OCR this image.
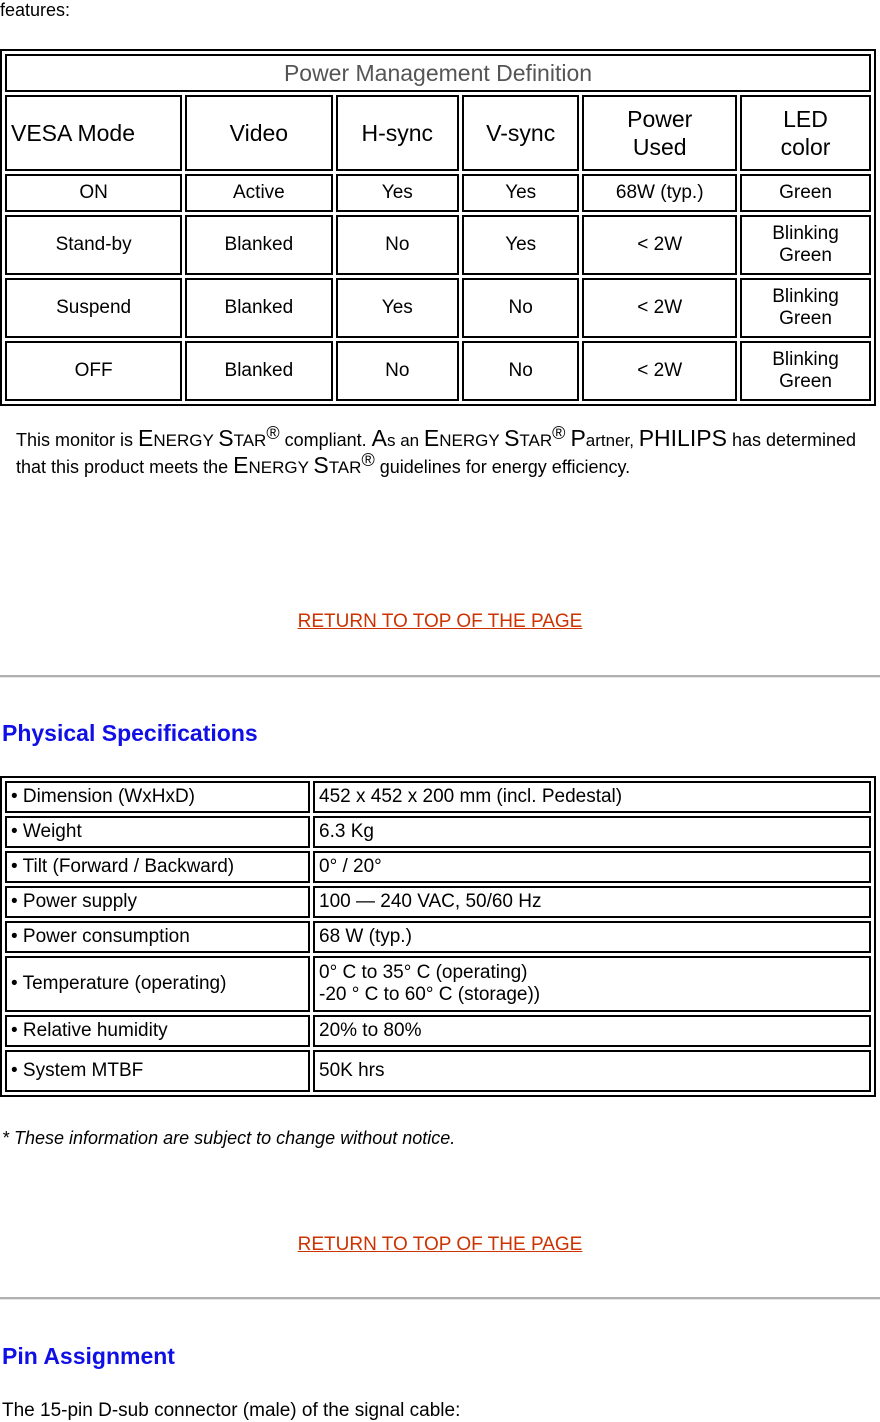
features:
Power Management Definition					
VESA Mode	Video	H-sync	V-sync	Power Used	LED color
ON	Active	Yes	Yes	68W (typ.)	Green
Stand-by	Blanked	No	Yes	< 2W	Blinking Green
Suspend	Blanked	Yes	No	< 2W	Blinking Green
OFF	Blanked	No	No	< 2W	Blinking Green
This monitor is ENERGY STAR® compliant. As an ENERGY STAR® Partner, PHILIPS has determined that this product meets the ENERGY STAR® guidelines for energy efficiency.
RETURN TO TOP OF THE PAGE
Physical Specifications
• Dimension (WxHxD)	452 x 452 x 200 mm (incl. Pedestal)
• Weight	6.3 Kg
• Tilt (Forward / Backward)	0° / 20°
• Power supply	100 — 240 VAC, 50/60 Hz
• Power consumption	68 W (typ.)
• Temperature (operating)	0° C to 35° C (operating)
-20 ° C to 60° C (storage))

• Relative humidity	20% to 80%
• System MTBF	50K hrs
* These information are subject to change without notice.
RETURN TO TOP OF THE PAGE
Pin Assignment
The 15-pin D-sub connector (male) of the signal cable:
